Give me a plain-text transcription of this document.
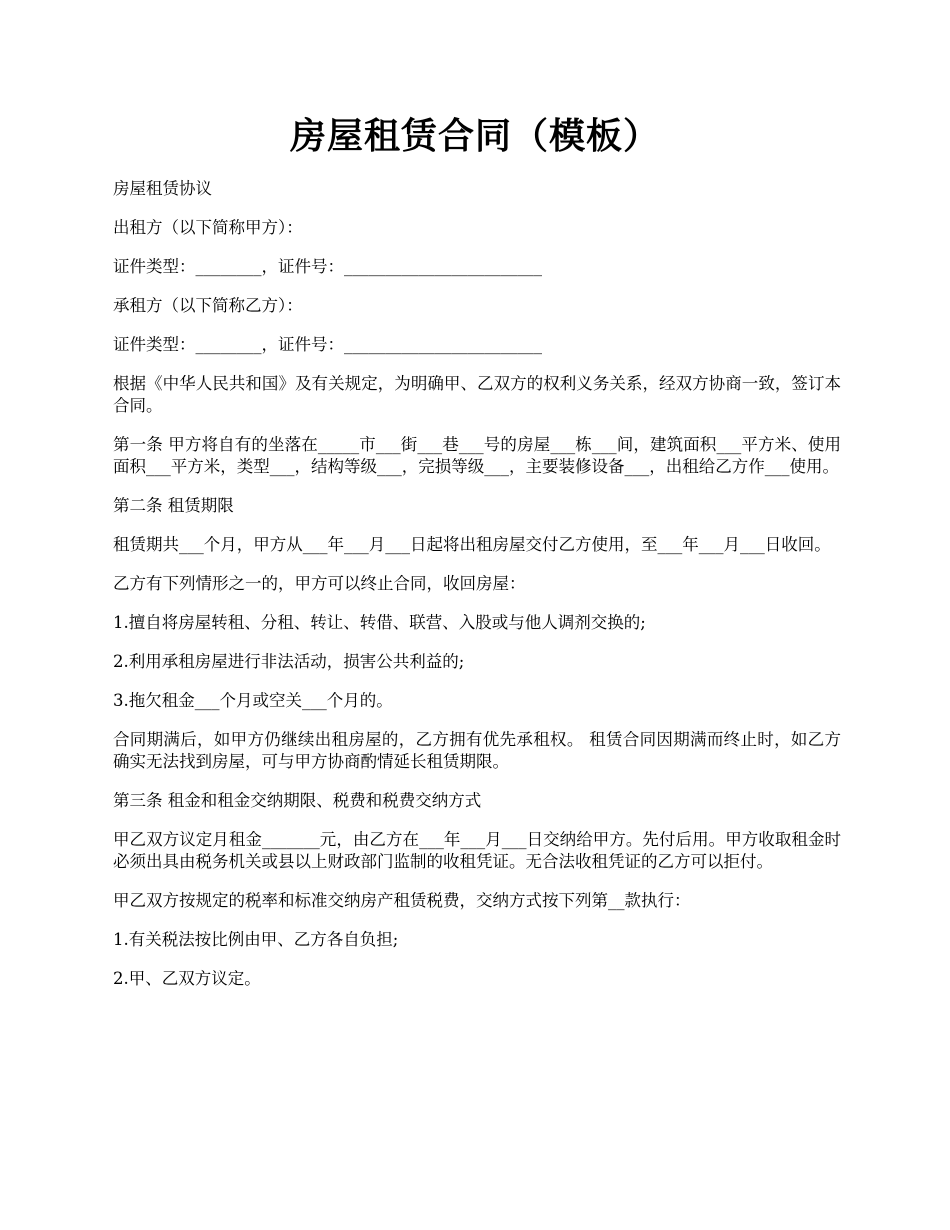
房屋租赁合同（模板）

房屋租赁协议

出租方（以下简称甲方）：

证件类型：________，证件号：________________________

承租方（以下简称乙方）：

证件类型：________，证件号：________________________

根据《中华人民共和国》及有关规定，为明确甲、乙双方的权利义务关系，经双方协商一致，签订本合同。

第一条 甲方将自有的坐落在_____市___街___巷___号的房屋___栋___间，建筑面积___平方米、使用面积___平方米，类型___，结构等级___，完损等级___，主要装修设备___，出租给乙方作___使用。

第二条 租赁期限

租赁期共___个月，甲方从___年___月___日起将出租房屋交付乙方使用，至___年___月___日收回。

乙方有下列情形之一的，甲方可以终止合同，收回房屋：

1.擅自将房屋转租、分租、转让、转借、联营、入股或与他人调剂交换的;

2.利用承租房屋进行非法活动，损害公共利益的;

3.拖欠租金___个月或空关___个月的。

合同期满后，如甲方仍继续出租房屋的，乙方拥有优先承租权。 租赁合同因期满而终止时，如乙方确实无法找到房屋，可与甲方协商酌情延长租赁期限。

第三条 租金和租金交纳期限、税费和税费交纳方式

甲乙双方议定月租金_______元，由乙方在___年___月___日交纳给甲方。先付后用。甲方收取租金时必须出具由税务机关或县以上财政部门监制的收租凭证。无合法收租凭证的乙方可以拒付。

甲乙双方按规定的税率和标准交纳房产租赁税费，交纳方式按下列第__款执行：

1.有关税法按比例由甲、乙方各自负担;

2.甲、乙双方议定。
